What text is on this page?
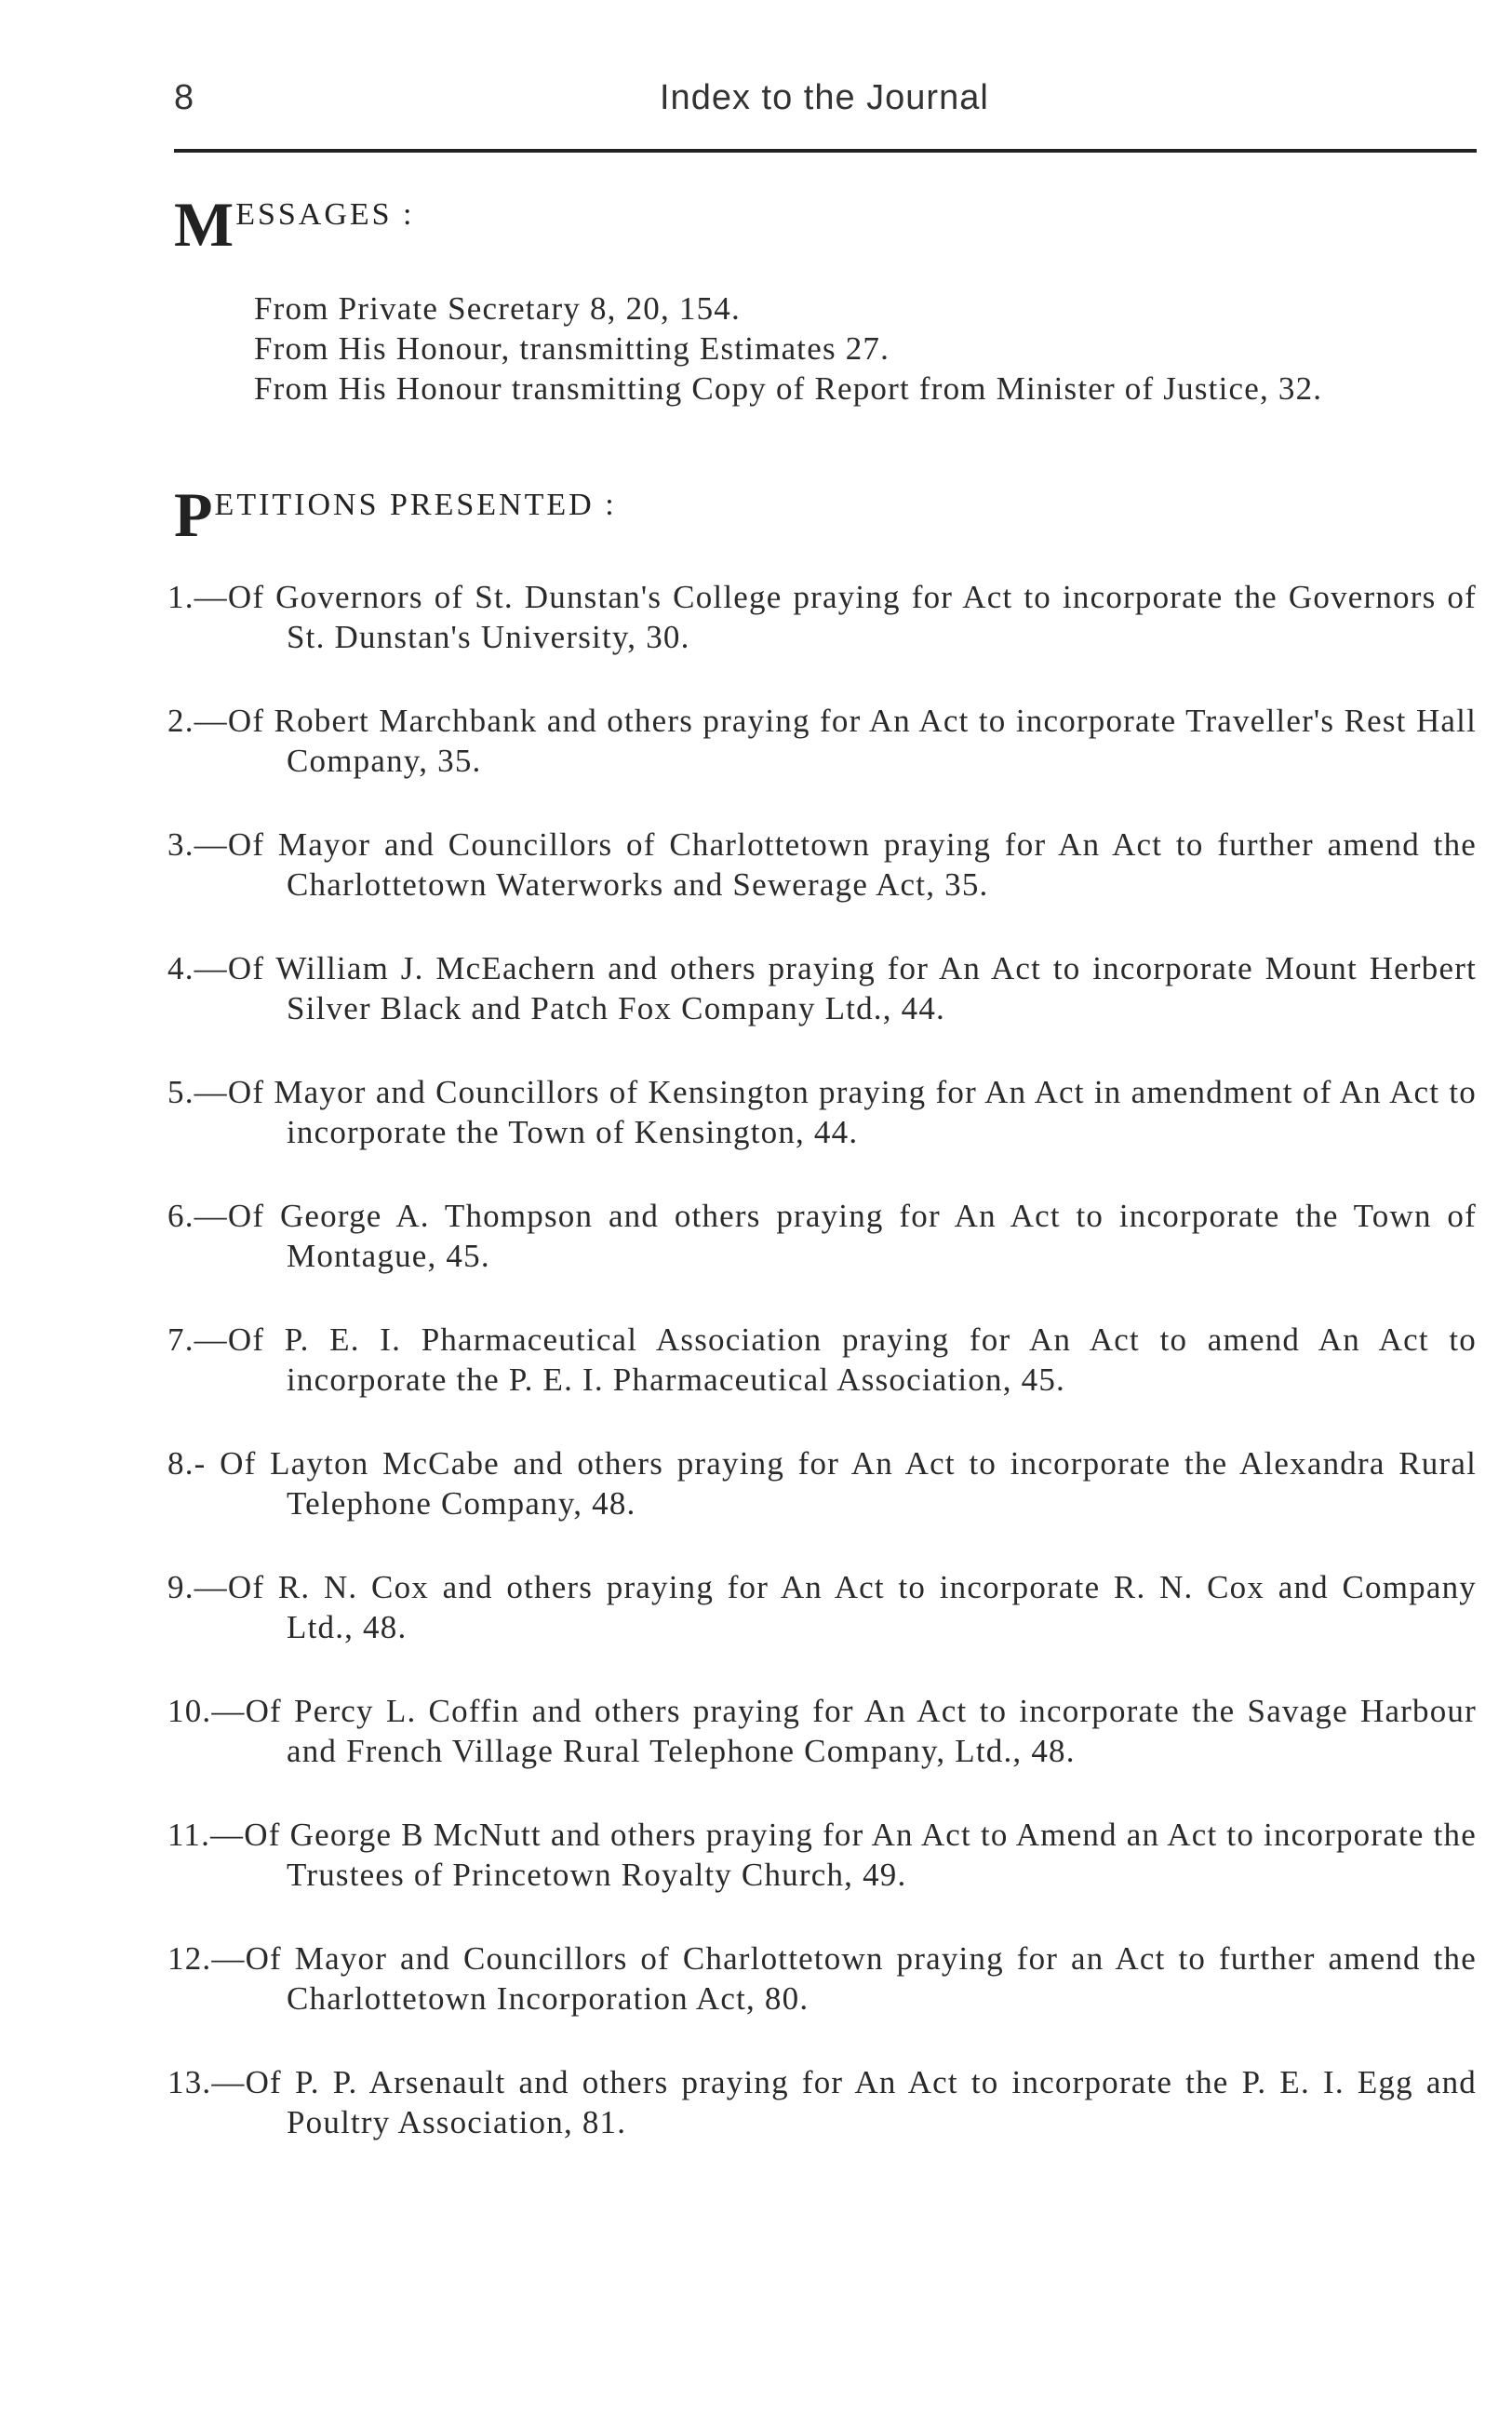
8	Index to the Journal
M ESSAGES :
From Private Secretary 8, 20, 154.
From His Honour, transmitting Estimates 27.
From His Honour transmitting Copy of Report from Minister of Justice, 32.
P ETITIONS PRESENTED :
1.—Of Governors of St. Dunstan's College praying for Act to incorporate the Governors of St. Dunstan's University, 30.
2.—Of Robert Marchbank and others praying for An Act to incorporate Traveller's Rest Hall Company, 35.
3.—Of Mayor and Councillors of Charlottetown praying for An Act to further amend the Charlottetown Waterworks and Sewerage Act, 35.
4.—Of William J. McEachern and others praying for An Act to incorporate Mount Herbert Silver Black and Patch Fox Company Ltd., 44.
5.—Of Mayor and Councillors of Kensington praying for An Act in amendment of An Act to incorporate the Town of Kensington, 44.
6.—Of George A. Thompson and others praying for An Act to incorporate the Town of Montague, 45.
7.—Of P. E. I. Pharmaceutical Association praying for An Act to amend An Act to incorporate the P. E. I. Pharmaceutical Association, 45.
8.- Of Layton McCabe and others praying for An Act to incorporate the Alexandra Rural Telephone Company, 48.
9.—Of R. N. Cox and others praying for An Act to incorporate R. N. Cox and Company Ltd., 48.
10.—Of Percy L. Coffin and others praying for An Act to incorporate the Savage Harbour and French Village Rural Telephone Company, Ltd., 48.
11.—Of George B McNutt and others praying for An Act to Amend an Act to incorporate the Trustees of Princetown Royalty Church, 49.
12.—Of Mayor and Councillors of Charlottetown praying for an Act to further amend the Charlottetown Incorporation Act, 80.
13.—Of P. P. Arsenault and others praying for An Act to incorporate the P. E. I. Egg and Poultry Association, 81.
